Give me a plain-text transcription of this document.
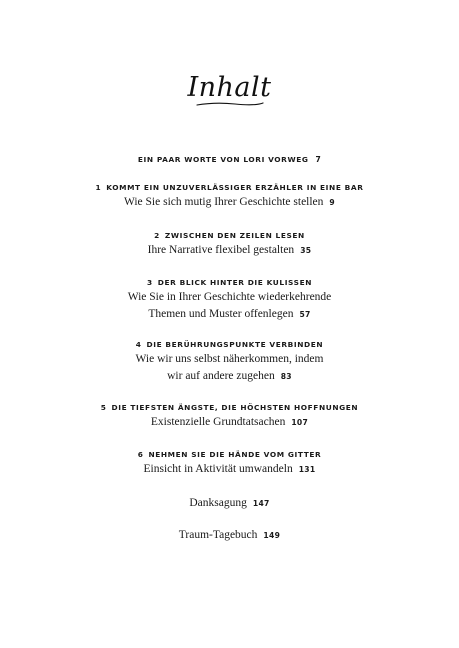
Inhalt
EIN PAAR WORTE VON LORI VORWEG 7
1 KOMMT EIN UNZUVERLÄSSIGER ERZÄHLER IN EINE BAR
Wie Sie sich mutig Ihrer Geschichte stellen 9
2 ZWISCHEN DEN ZEILEN LESEN
Ihre Narrative flexibel gestalten 35
3 DER BLICK HINTER DIE KULISSEN
Wie Sie in Ihrer Geschichte wiederkehrende
Themen und Muster offenlegen 57
4 DIE BERÜHRUNGSPUNKTE VERBINDEN
Wie wir uns selbst näherkommen, indem
wir auf andere zugehen 83
5 DIE TIEFSTEN ÄNGSTE, DIE HÖCHSTEN HOFFNUNGEN
Existenzielle Grundtatsachen 107
6 NEHMEN SIE DIE HÄNDE VOM GITTER
Einsicht in Aktivität umwandeln 131
Danksagung 147
Traum-Tagebuch 149
